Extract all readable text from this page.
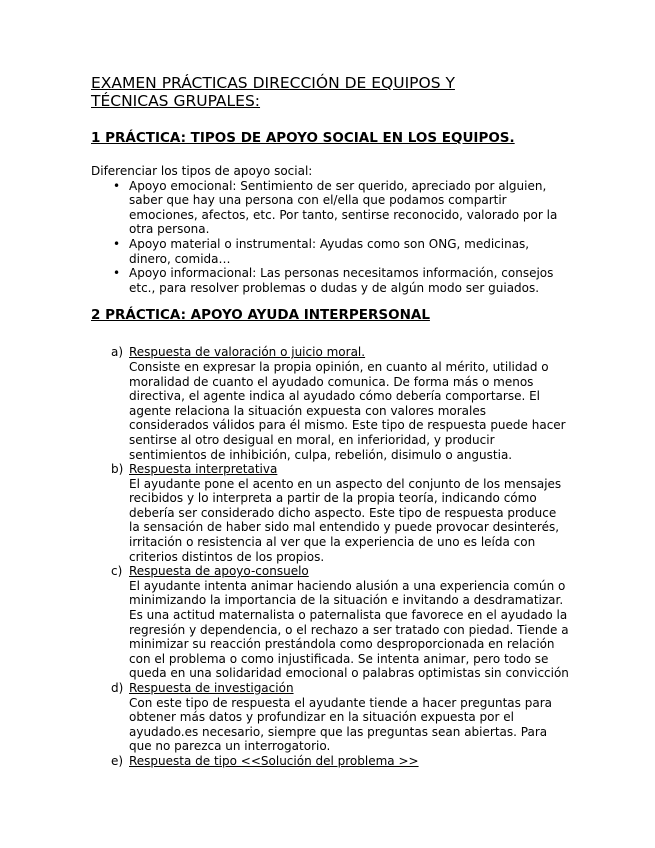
EXAMEN PRÁCTICAS DIRECCIÓN DE EQUIPOS Y TÉCNICAS GRUPALES:
1 PRÁCTICA: TIPOS DE APOYO SOCIAL EN LOS EQUIPOS.
Diferenciar los tipos de apoyo social:
• Apoyo emocional: Sentimiento de ser querido, apreciado por alguien, saber que hay una persona con el/ella que podamos compartir emociones, afectos, etc. Por tanto, sentirse reconocido, valorado por la otra persona.
• Apoyo material o instrumental: Ayudas como son ONG, medicinas, dinero, comida…
• Apoyo informacional: Las personas necesitamos información, consejos etc., para resolver problemas o dudas y de algún modo ser guiados.
2 PRÁCTICA: APOYO AYUDA INTERPERSONAL
a) Respuesta de valoración o juicio moral.
Consiste en expresar la propia opinión, en cuanto al mérito, utilidad o moralidad de cuanto el ayudado comunica. De forma más o menos directiva, el agente indica al ayudado cómo debería comportarse. El agente relaciona la situación expuesta con valores morales considerados válidos para él mismo. Este tipo de respuesta puede hacer sentirse al otro desigual en moral, en inferioridad, y producir sentimientos de inhibición, culpa, rebelión, disimulo o angustia.
b) Respuesta interpretativa
El ayudante pone el acento en un aspecto del conjunto de los mensajes recibidos y lo interpreta a partir de la propia teoría, indicando cómo debería ser considerado dicho aspecto. Este tipo de respuesta produce la sensación de haber sido mal entendido y puede provocar desinterés, irritación o resistencia al ver que la experiencia de uno es leída con criterios distintos de los propios.
c) Respuesta de apoyo-consuelo
El ayudante intenta animar haciendo alusión a una experiencia común o minimizando la importancia de la situación e invitando a desdramatizar. Es una actitud maternalista o paternalista que favorece en el ayudado la regresión y dependencia, o el rechazo a ser tratado con piedad. Tiende a minimizar su reacción prestándola como desproporcionada en relación con el problema o como injustificada. Se intenta animar, pero todo se queda en una solidaridad emocional o palabras optimistas sin convicción
d) Respuesta de investigación
Con este tipo de respuesta el ayudante tiende a hacer preguntas para obtener más datos y profundizar en la situación expuesta por el ayudado.es necesario, siempre que las preguntas sean abiertas. Para que no parezca un interrogatorio.
e) Respuesta de tipo <<Solución del problema >>
